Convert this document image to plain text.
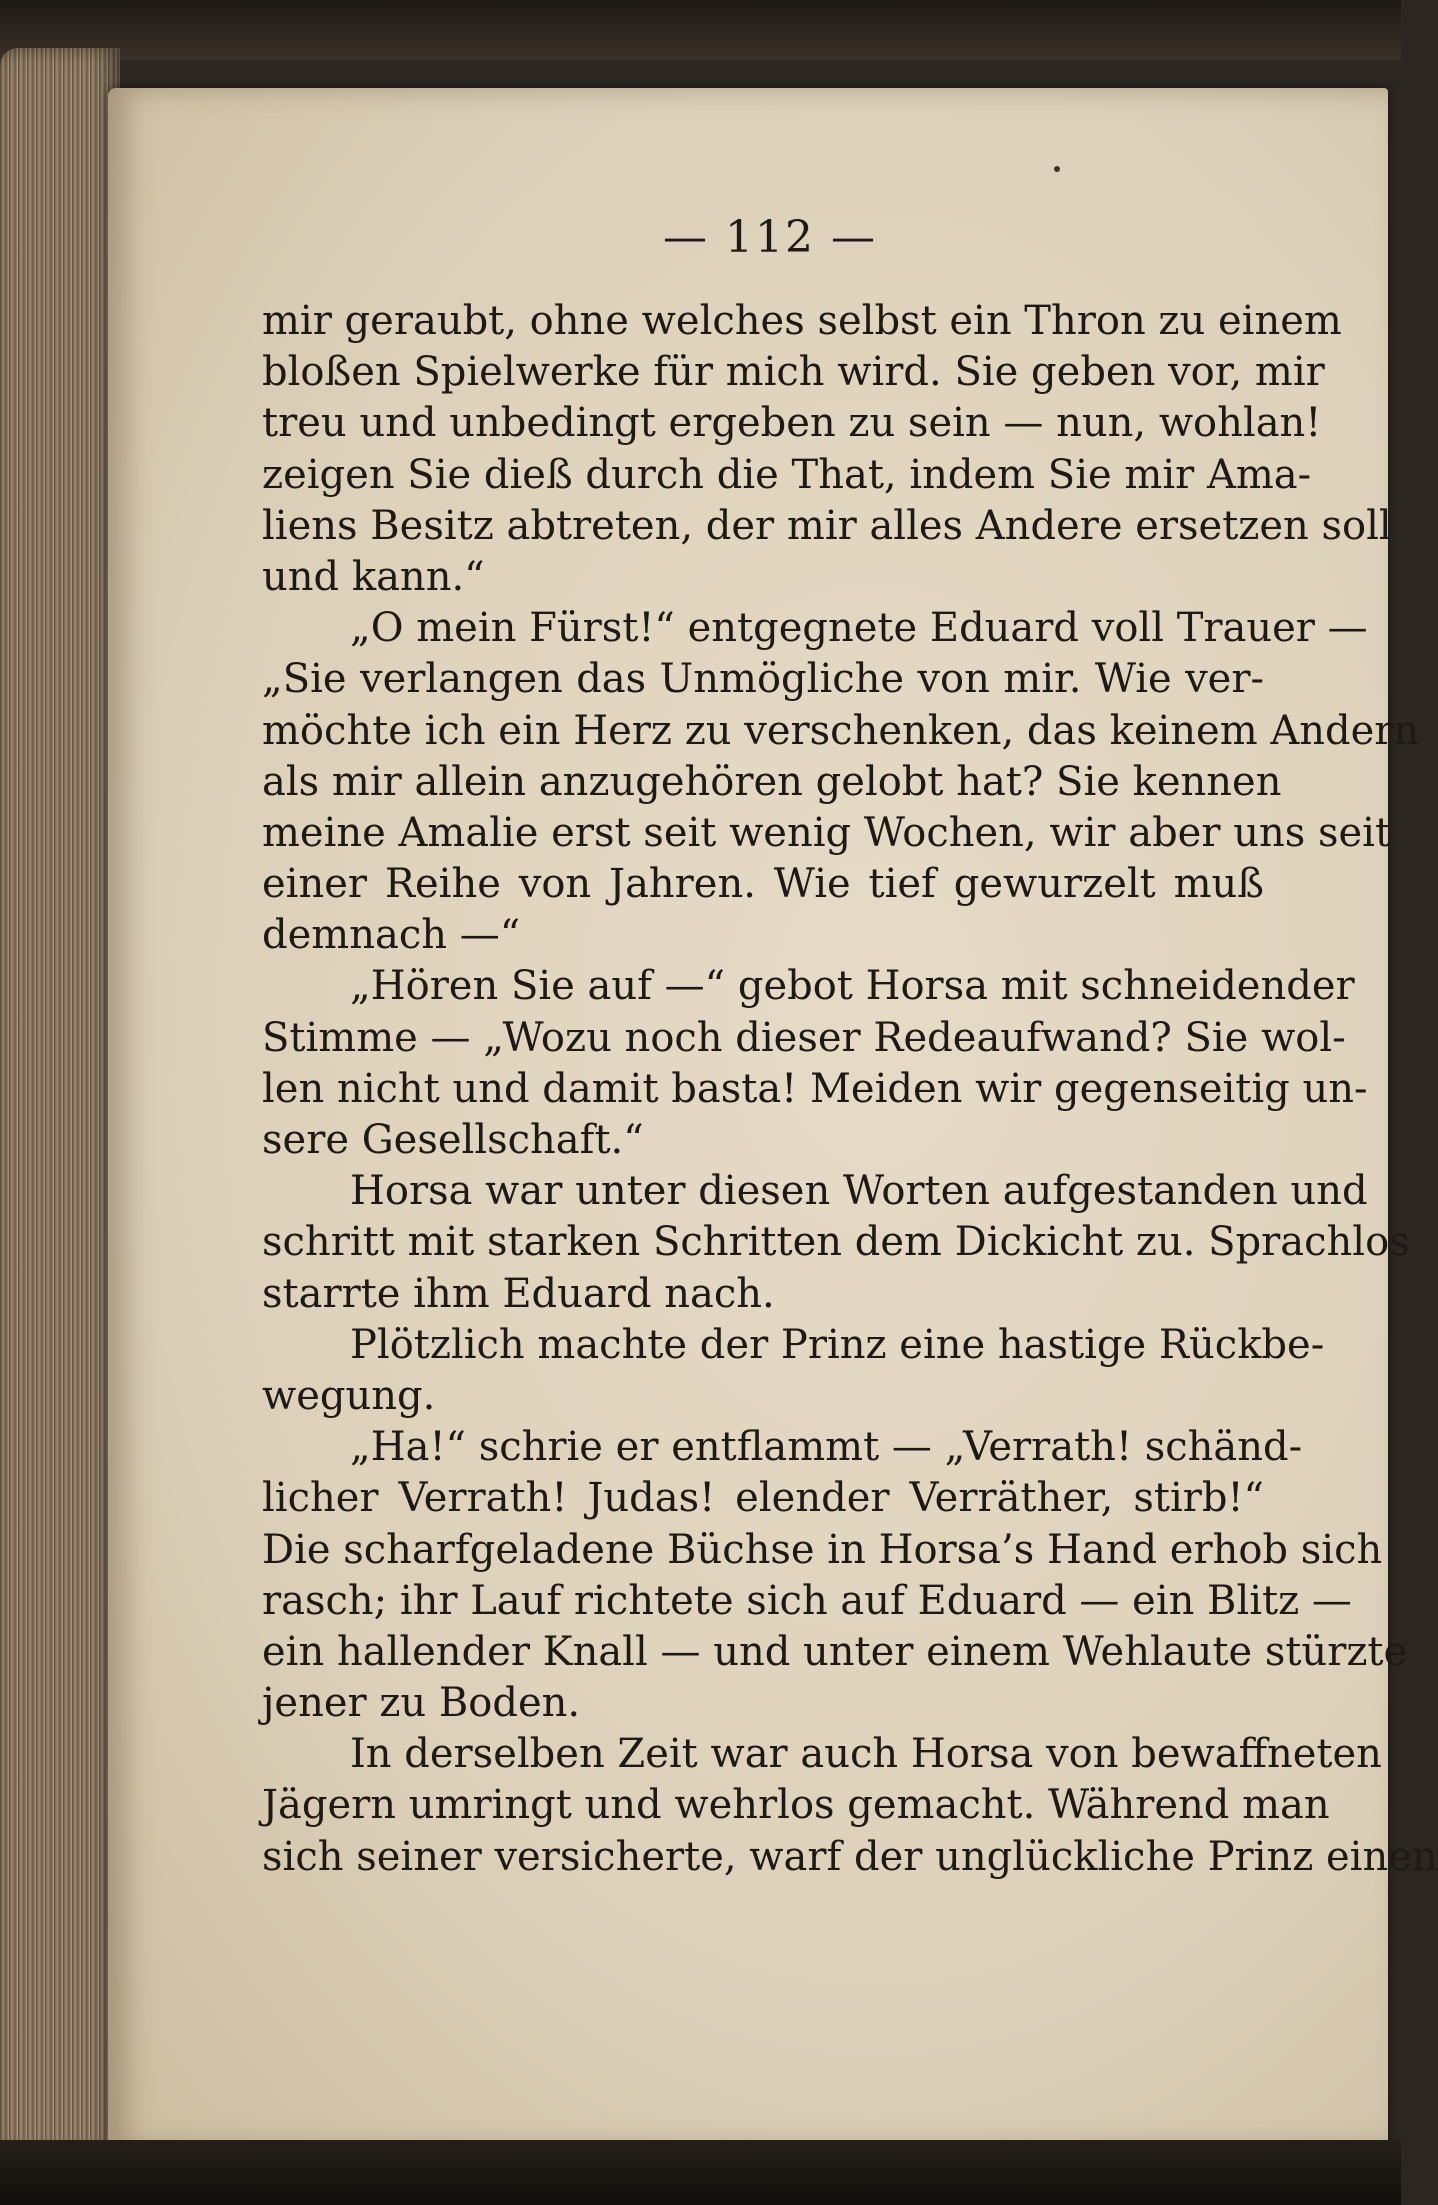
— 112 —
mir geraubt, ohne welches selbst ein Thron zu einem
bloßen Spielwerke für mich wird. Sie geben vor, mir
treu und unbedingt ergeben zu sein — nun, wohlan!
zeigen Sie dieß durch die That, indem Sie mir Ama-
liens Besitz abtreten, der mir alles Andere ersetzen soll
und kann.“
„O mein Fürst!“ entgegnete Eduard voll Trauer —
„Sie verlangen das Unmögliche von mir. Wie ver-
möchte ich ein Herz zu verschenken, das keinem Andern
als mir allein anzugehören gelobt hat? Sie kennen
meine Amalie erst seit wenig Wochen, wir aber uns seit
einer Reihe von Jahren. Wie tief gewurzelt muß
demnach —“
„Hören Sie auf —“ gebot Horsa mit schneidender
Stimme — „Wozu noch dieser Redeaufwand? Sie wol-
len nicht und damit basta! Meiden wir gegenseitig un-
sere Gesellschaft.“
Horsa war unter diesen Worten aufgestanden und
schritt mit starken Schritten dem Dickicht zu. Sprachlos
starrte ihm Eduard nach.
Plötzlich machte der Prinz eine hastige Rückbe-
wegung.
„Ha!“ schrie er entflammt — „Verrath! schänd-
licher Verrath! Judas! elender Verräther, stirb!“
Die scharfgeladene Büchse in Horsa’s Hand erhob sich
rasch; ihr Lauf richtete sich auf Eduard — ein Blitz —
ein hallender Knall — und unter einem Wehlaute stürzte
jener zu Boden.
In derselben Zeit war auch Horsa von bewaffneten
Jägern umringt und wehrlos gemacht. Während man
sich seiner versicherte, warf der unglückliche Prinz einen
